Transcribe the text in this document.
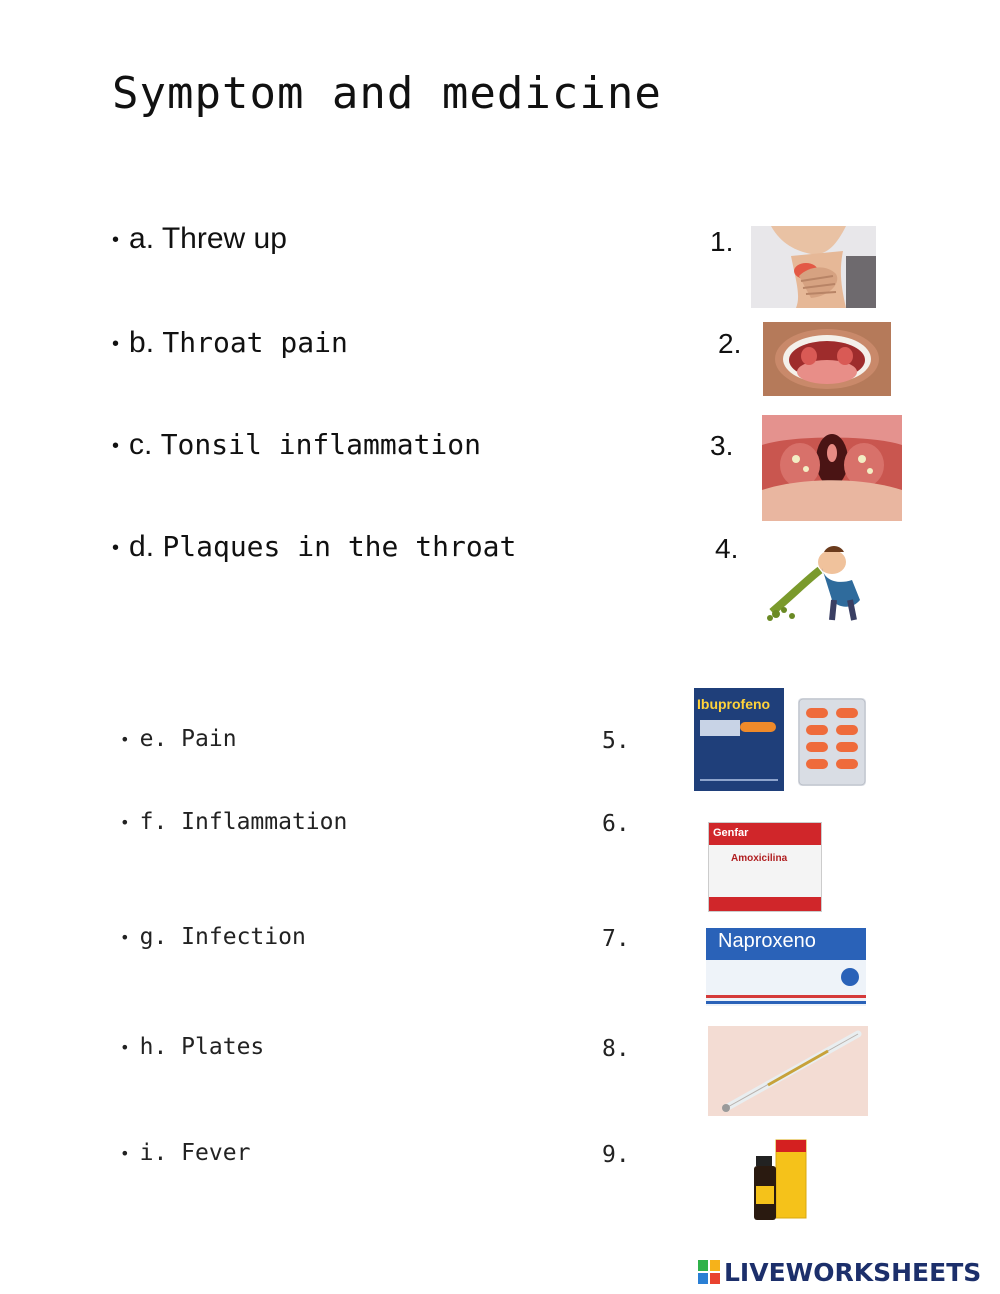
Symptom and medicine
• a. Threw up
• b. Throat pain
• c. Tonsil inflammation
• d. Plaques in the throat
1.
2.
3.
4.
• e. Pain
• f. Inflammation
• g. Infection
• h. Plates
• i. Fever
5.
6.
7.
8.
9.
Ibuprofeno
Genfar
Amoxicilina
Naproxeno
LIVEWORKSHEETS
